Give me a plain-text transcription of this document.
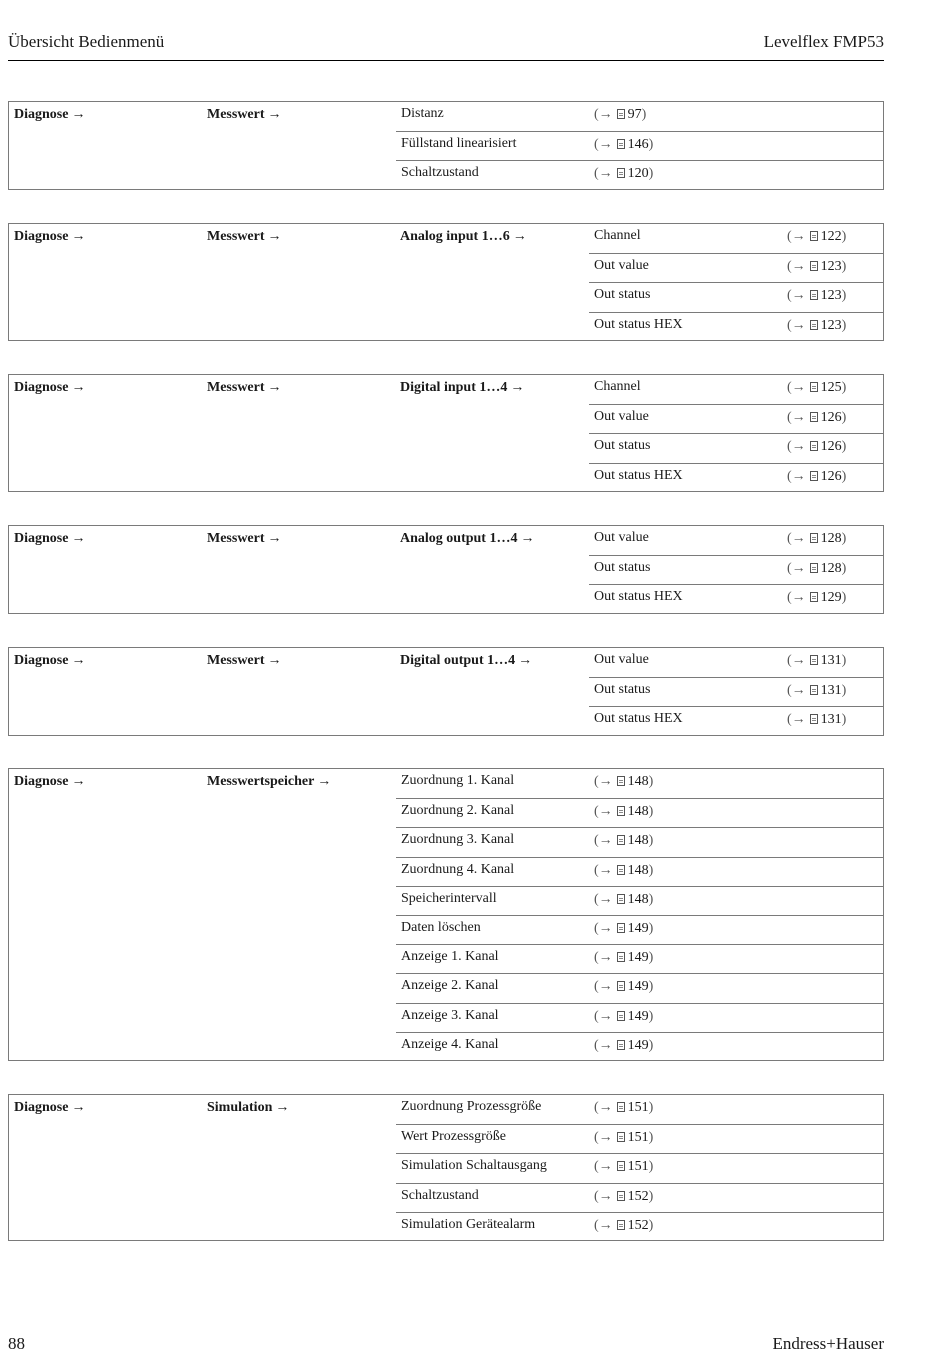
Übersicht Bedienmenü	Levelflex FMP53
Diagnose →	Messwert →	Distanz	(→ 97)
Füllstand linearisiert	(→ 146)
Schaltzustand	(→ 120)
Diagnose →	Messwert →	Analog input 1…6 →	Channel	(→ 122)
Out value	(→ 123)
Out status	(→ 123)
Out status HEX	(→ 123)
Diagnose →	Messwert →	Digital input 1…4 →	Channel	(→ 125)
Out value	(→ 126)
Out status	(→ 126)
Out status HEX	(→ 126)
Diagnose →	Messwert →	Analog output 1…4 →	Out value	(→ 128)
Out status	(→ 128)
Out status HEX	(→ 129)
Diagnose →	Messwert →	Digital output 1…4 →	Out value	(→ 131)
Out status	(→ 131)
Out status HEX	(→ 131)
Diagnose →	Messwertspeicher →	Zuordnung 1. Kanal	(→ 148)
Zuordnung 2. Kanal	(→ 148)
Zuordnung 3. Kanal	(→ 148)
Zuordnung 4. Kanal	(→ 148)
Speicherintervall	(→ 148)
Daten löschen	(→ 149)
Anzeige 1. Kanal	(→ 149)
Anzeige 2. Kanal	(→ 149)
Anzeige 3. Kanal	(→ 149)
Anzeige 4. Kanal	(→ 149)
Diagnose →	Simulation →	Zuordnung Prozessgröße	(→ 151)
Wert Prozessgröße	(→ 151)
Simulation Schaltausgang	(→ 151)
Schaltzustand	(→ 152)
Simulation Gerätealarm	(→ 152)
88	Endress+Hauser
